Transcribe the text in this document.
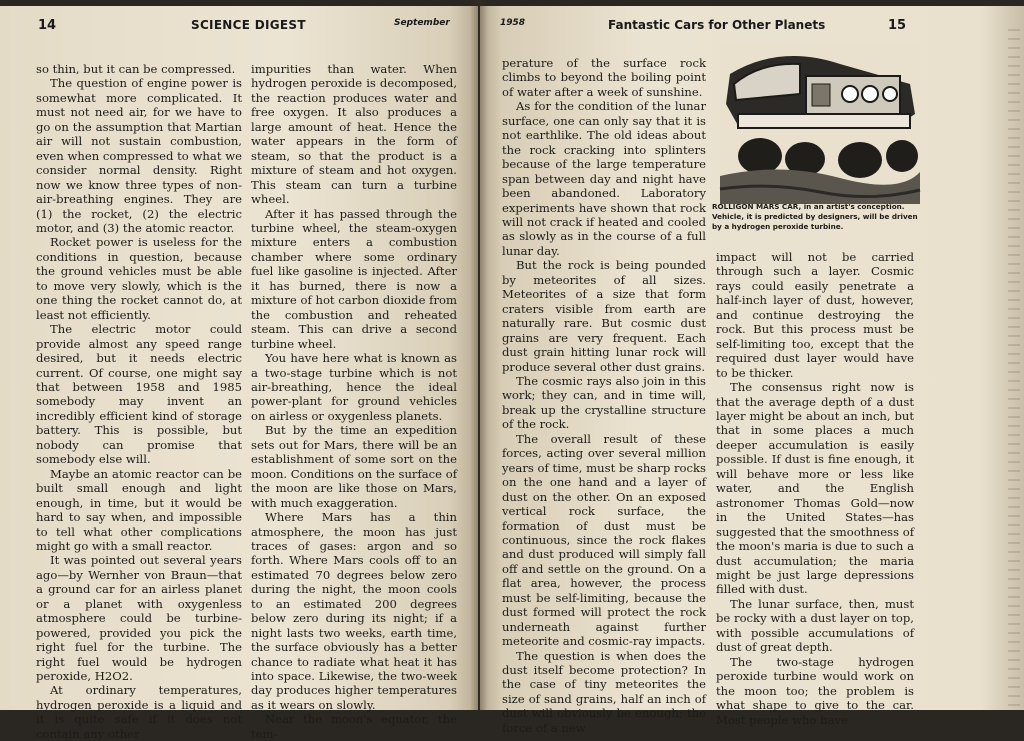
14	SCIENCE DIGEST	September

so thin, but it can be compressed.

The question of engine power is somewhat more complicated. It must not need air, for we have to go on the assumption that Martian air will not sustain combustion, even when compressed to what we consider normal density. Right now we know three types of non-air-breathing engines. They are (1) the rocket, (2) the electric motor, and (3) the atomic reactor.

Rocket power is useless for the conditions in question, because the ground vehicles must be able to move very slowly, which is the one thing the rocket cannot do, at least not efficiently.

The electric motor could provide almost any speed range desired, but it needs electric current. Of course, one might say that between 1958 and 1985 somebody may invent an incredibly efficient kind of storage battery. This is possible, but nobody can promise that somebody else will.

Maybe an atomic reactor can be built small enough and light enough, in time, but it would be hard to say when, and impossible to tell what other complications might go with a small reactor.

It was pointed out several years ago—by Wernher von Braun—that a ground car for an airless planet or a planet with oxygenless atmosphere could be turbine-powered, provided you pick the right fuel for the turbine. The right fuel would be hydrogen peroxide, H2O2.

At ordinary temperatures, hydrogen peroxide is a liquid and it is quite safe if it does not contain any other

impurities than water. When hydrogen peroxide is decomposed, the reaction produces water and free oxygen. It also produces a large amount of heat. Hence the water appears in the form of steam, so that the product is a mixture of steam and hot oxygen. This steam can turn a turbine wheel.

After it has passed through the turbine wheel, the steam-oxygen mixture enters a combustion chamber where some ordinary fuel like gasoline is injected. After it has burned, there is now a mixture of hot carbon dioxide from the combustion and reheated steam. This can drive a second turbine wheel.

You have here what is known as a two-stage turbine which is not air-breathing, hence the ideal power-plant for ground vehicles on airless or oxygenless planets.

But by the time an expedition sets out for Mars, there will be an establishment of some sort on the moon. Conditions on the surface of the moon are like those on Mars, with much exaggeration.

Where Mars has a thin atmosphere, the moon has just traces of gases: argon and so forth. Where Mars cools off to an estimated 70 degrees below zero during the night, the moon cools to an estimated 200 degrees below zero during its night; if a night lasts two weeks, earth time, the surface obviously has a better chance to radiate what heat it has into space. Likewise, the two-week day produces higher temperatures as it wears on slowly.

Near the moon's equator, the tem-

1958	Fantastic Cars for Other Planets	15

perature of the surface rock climbs to beyond the boiling point of water after a week of sunshine.

As for the condition of the lunar surface, one can only say that it is not earthlike. The old ideas about the rock cracking into splinters because of the large temperature span between day and night have been abandoned. Laboratory experiments have shown that rock will not crack if heated and cooled as slowly as in the course of a full lunar day.

But the rock is being pounded by meteorites of all sizes. Meteorites of a size that form craters visible from earth are naturally rare. But cosmic dust grains are very frequent. Each dust grain hitting lunar rock will produce several other dust grains.

The cosmic rays also join in this work; they can, and in time will, break up the crystalline structure of the rock.

The overall result of these forces, acting over several million years of time, must be sharp rocks on the one hand and a layer of dust on the other. On an exposed vertical rock surface, the formation of dust must be continuous, since the rock flakes and dust produced will simply fall off and settle on the ground. On a flat area, however, the process must be self-limiting, because the dust formed will protect the rock underneath against further meteorite and cosmic-ray impacts.

The question is when does the dust itself become protection? In the case of tiny meteorites the size of sand grains, half an inch of dust will obviously be enough; the force of a new

impact will not be carried through such a layer. Cosmic rays could easily penetrate a half-inch layer of dust, however, and continue destroying the rock. But this process must be self-limiting too, except that the required dust layer would have to be thicker.

The consensus right now is that the average depth of a dust layer might be about an inch, but that in some places a much deeper accumulation is easily possible. If dust is fine enough, it will behave more or less like water, and the English astronomer Thomas Gold—now in the United States—has suggested that the smoothness of the moon's maria is due to such a dust accumulation; the maria might be just large depressions filled with dust.

The lunar surface, then, must be rocky with a dust layer on top, with possible accumulations of dust of great depth.

The two-stage hydrogen peroxide turbine would work on the moon too; the problem is what shape to give to the car. Most people who have

ROLLIGON MARS CAR, in an artist's conception. Vehicle, it is predicted by designers, will be driven by a hydrogen peroxide turbine.
